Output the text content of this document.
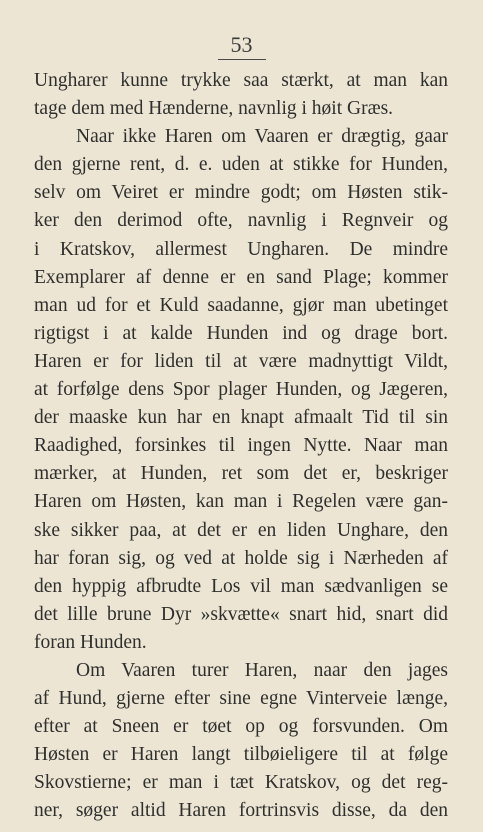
53
Ungharer kunne trykke saa stærkt, at man kan
tage dem med Hænderne, navnlig i høit Græs.
Naar ikke Haren om Vaaren er drægtig, gaar
den gjerne rent, d. e. uden at stikke for Hunden,
selv om Veiret er mindre godt; om Høsten stik-
ker den derimod ofte, navnlig i Regnveir og
i Kratskov, allermest Ungharen. De mindre
Exemplarer af denne er en sand Plage; kommer
man ud for et Kuld saadanne, gjør man ubetinget
rigtigst i at kalde Hunden ind og drage bort.
Haren er for liden til at være madnyttigt Vildt,
at forfølge dens Spor plager Hunden, og Jægeren,
der maaske kun har en knapt afmaalt Tid til sin
Raadighed, forsinkes til ingen Nytte. Naar man
mærker, at Hunden, ret som det er, beskriger
Haren om Høsten, kan man i Regelen være gan-
ske sikker paa, at det er en liden Unghare, den
har foran sig, og ved at holde sig i Nærheden af
den hyppig afbrudte Los vil man sædvanligen se
det lille brune Dyr »skvætte« snart hid, snart did
foran Hunden.
Om Vaaren turer Haren, naar den jages
af Hund, gjerne efter sine egne Vinterveie længe,
efter at Sneen er tøet op og forsvunden. Om
Høsten er Haren langt tilbøieligere til at følge
Skovstierne; er man i tæt Kratskov, og det reg-
ner, søger altid Haren fortrinsvis disse, da den
